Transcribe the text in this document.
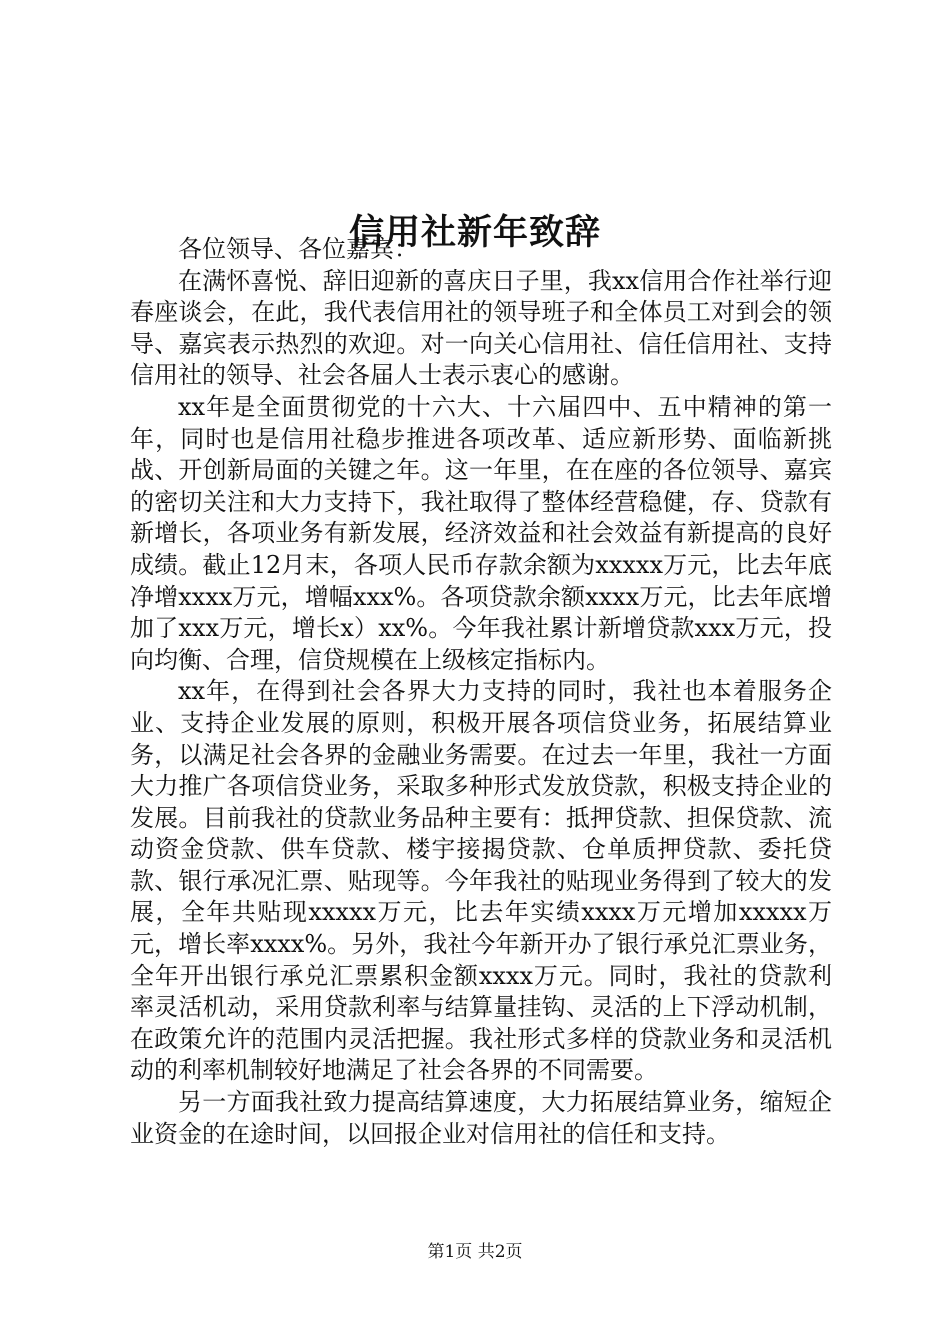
信用社新年致辞

各位领导、各位嘉宾：

在满怀喜悦、辞旧迎新的喜庆日子里，我xx信用合作社举行迎春座谈会，在此，我代表信用社的领导班子和全体员工对到会的领导、嘉宾表示热烈的欢迎。对一向关心信用社、信任信用社、支持信用社的领导、社会各届人士表示衷心的感谢。

xx年是全面贯彻党的十六大、十六届四中、五中精神的第一年，同时也是信用社稳步推进各项改革、适应新形势、面临新挑战、开创新局面的关键之年。这一年里，在在座的各位领导、嘉宾的密切关注和大力支持下，我社取得了整体经营稳健，存、贷款有新增长，各项业务有新发展，经济效益和社会效益有新提高的良好成绩。截止12月末，各项人民币存款余额为xxxxx万元，比去年底净增xxxx万元，增幅xxx%。各项贷款余额xxxx万元，比去年底增加了xxx万元，增长x）xx%。今年我社累计新增贷款xxx万元，投向均衡、合理，信贷规模在上级核定指标内。

xx年，在得到社会各界大力支持的同时，我社也本着服务企业、支持企业发展的原则，积极开展各项信贷业务，拓展结算业务，以满足社会各界的金融业务需要。在过去一年里，我社一方面大力推广各项信贷业务，采取多种形式发放贷款，积极支持企业的发展。目前我社的贷款业务品种主要有：抵押贷款、担保贷款、流动资金贷款、供车贷款、楼宇接揭贷款、仓单质押贷款、委托贷款、银行承况汇票、贴现等。今年我社的贴现业务得到了较大的发展，全年共贴现xxxxx万元，比去年实绩xxxx万元增加xxxxx万元，增长率xxxx%。另外，我社今年新开办了银行承兑汇票业务，全年开出银行承兑汇票累积金额xxxx万元。同时，我社的贷款利率灵活机动，采用贷款利率与结算量挂钩、灵活的上下浮动机制，在政策允许的范围内灵活把握。我社形式多样的贷款业务和灵活机动的利率机制较好地满足了社会各界的不同需要。

另一方面我社致力提高结算速度，大力拓展结算业务，缩短企业资金的在途时间，以回报企业对信用社的信任和支持。

第1页 共2页
